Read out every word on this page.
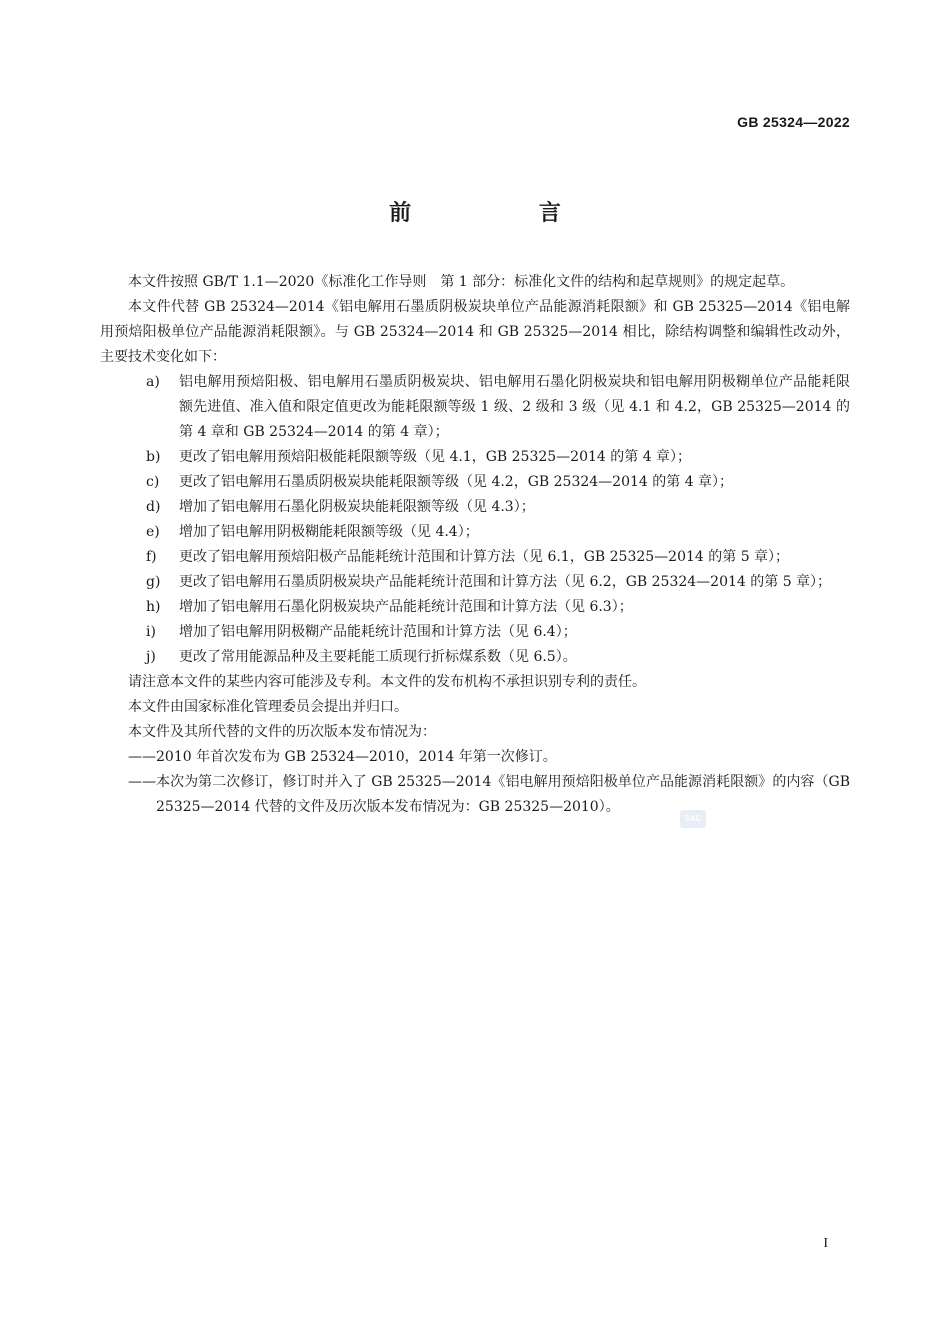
GB 25324—2022
前 言

本文件按照 GB/T 1.1—2020《标准化工作导则　第 1 部分：标准化文件的结构和起草规则》的规定起草。

本文件代替 GB 25324—2014《铝电解用石墨质阴极炭块单位产品能源消耗限额》和 GB 25325—2014《铝电解用预焙阳极单位产品能源消耗限额》。与 GB 25324—2014 和 GB 25325—2014 相比，除结构调整和编辑性改动外，主要技术变化如下：

a)	铝电解用预焙阳极、铝电解用石墨质阴极炭块、铝电解用石墨化阴极炭块和铝电解用阴极糊单位产品能耗限额先进值、准入值和限定值更改为能耗限额等级 1 级、2 级和 3 级（见 4.1 和 4.2，GB 25325—2014 的第 4 章和 GB 25324—2014 的第 4 章）；
b)	更改了铝电解用预焙阳极能耗限额等级（见 4.1，GB 25325—2014 的第 4 章）；
c)	更改了铝电解用石墨质阴极炭块能耗限额等级（见 4.2，GB 25324—2014 的第 4 章）；
d)	增加了铝电解用石墨化阴极炭块能耗限额等级（见 4.3）；
e)	增加了铝电解用阴极糊能耗限额等级（见 4.4）；
f)	更改了铝电解用预焙阳极产品能耗统计范围和计算方法（见 6.1，GB 25325—2014 的第 5 章）；
g)	更改了铝电解用石墨质阴极炭块产品能耗统计范围和计算方法（见 6.2，GB 25324—2014 的第 5 章）；
h)	增加了铝电解用石墨化阴极炭块产品能耗统计范围和计算方法（见 6.3）；
i)	增加了铝电解用阴极糊产品能耗统计范围和计算方法（见 6.4）；
j)	更改了常用能源品种及主要耗能工质现行折标煤系数（见 6.5）。

请注意本文件的某些内容可能涉及专利。本文件的发布机构不承担识别专利的责任。

本文件由国家标准化管理委员会提出并归口。

本文件及其所代替的文件的历次版本发布情况为：

——2010 年首次发布为 GB 25324—2010，2014 年第一次修订。

——本次为第二次修订，修订时并入了 GB 25325—2014《铝电解用预焙阳极单位产品能源消耗限额》的内容（GB 25325—2014 代替的文件及历次版本发布情况为：GB 25325—2010）。

SAC
I
